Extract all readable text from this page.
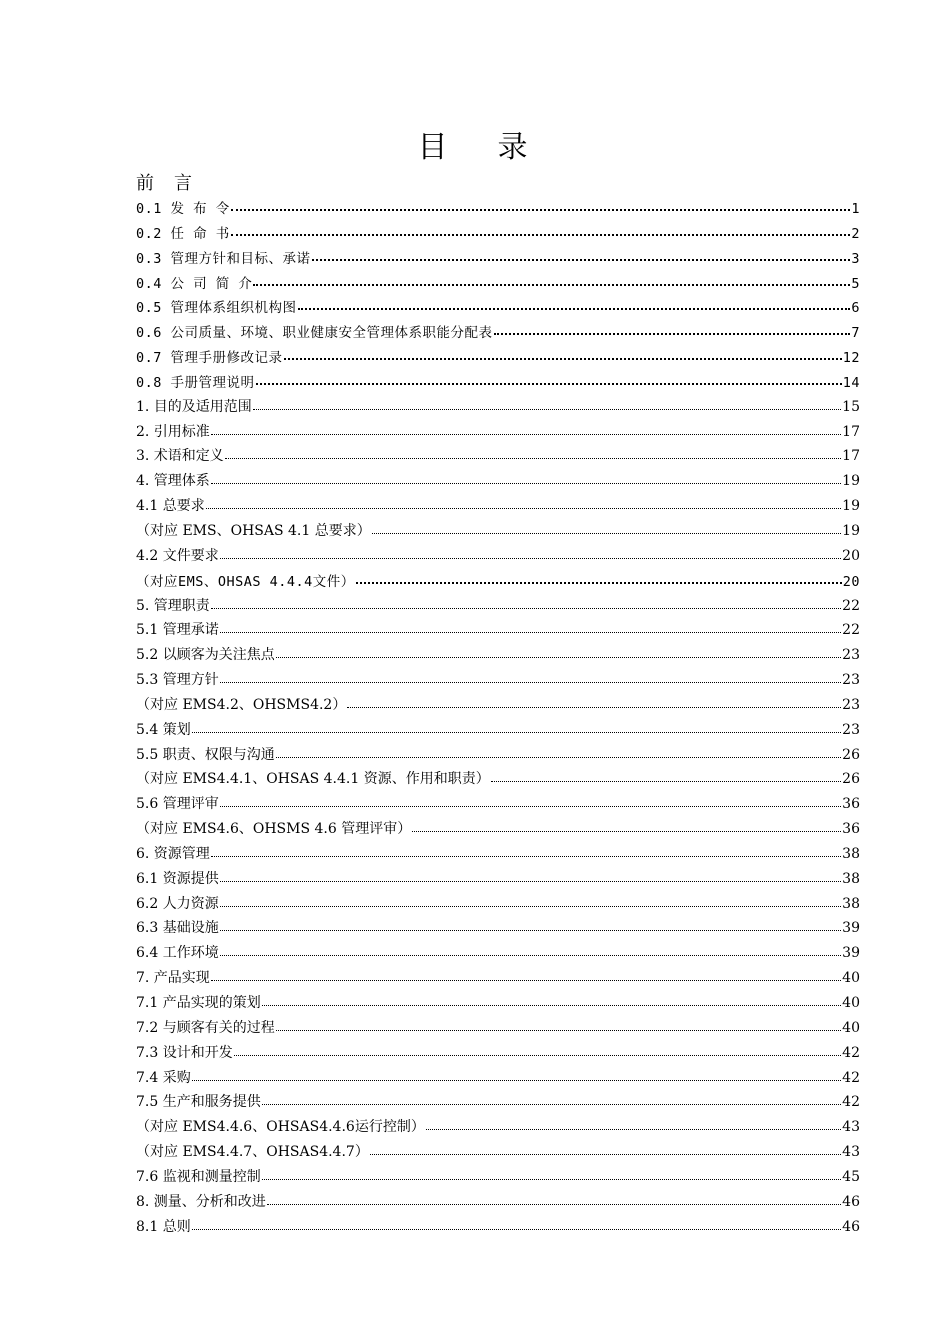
目录
前言
0.1 发 布 令	1
0.2 任 命 书	2
0.3 管理方针和目标、承诺	3
0.4 公 司 简 介	5
0.5 管理体系组织机构图	6
0.6 公司质量、环境、职业健康安全管理体系职能分配表	7
0.7 管理手册修改记录	12
0.8 手册管理说明	14
1. 目的及适用范围	15
2. 引用标准	17
3. 术语和定义	17
4. 管理体系	19
4.1 总要求	19
（对应 EMS、OHSAS 4.1 总要求）	19
4.2 文件要求	20
（对应EMS、OHSAS 4.4.4文件）	20
5. 管理职责	22
5.1 管理承诺	22
5.2 以顾客为关注焦点	23
5.3 管理方针	23
（对应 EMS4.2、OHSMS4.2）	23
5.4 策划	23
5.5 职责、权限与沟通	26
（对应 EMS4.4.1、OHSAS 4.4.1 资源、作用和职责）	26
5.6 管理评审	36
（对应 EMS4.6、OHSMS 4.6 管理评审）	36
6. 资源管理	38
6.1 资源提供	38
6.2 人力资源	38
6.3 基础设施	39
6.4 工作环境	39
7. 产品实现	40
7.1 产品实现的策划	40
7.2 与顾客有关的过程	40
7.3 设计和开发	42
7.4 采购	42
7.5 生产和服务提供	42
（对应 EMS4.4.6、OHSAS4.4.6运行控制）	43
（对应 EMS4.4.7、OHSAS4.4.7）	43
7.6 监视和测量控制	45
8. 测量、分析和改进	46
8.1 总则	46
